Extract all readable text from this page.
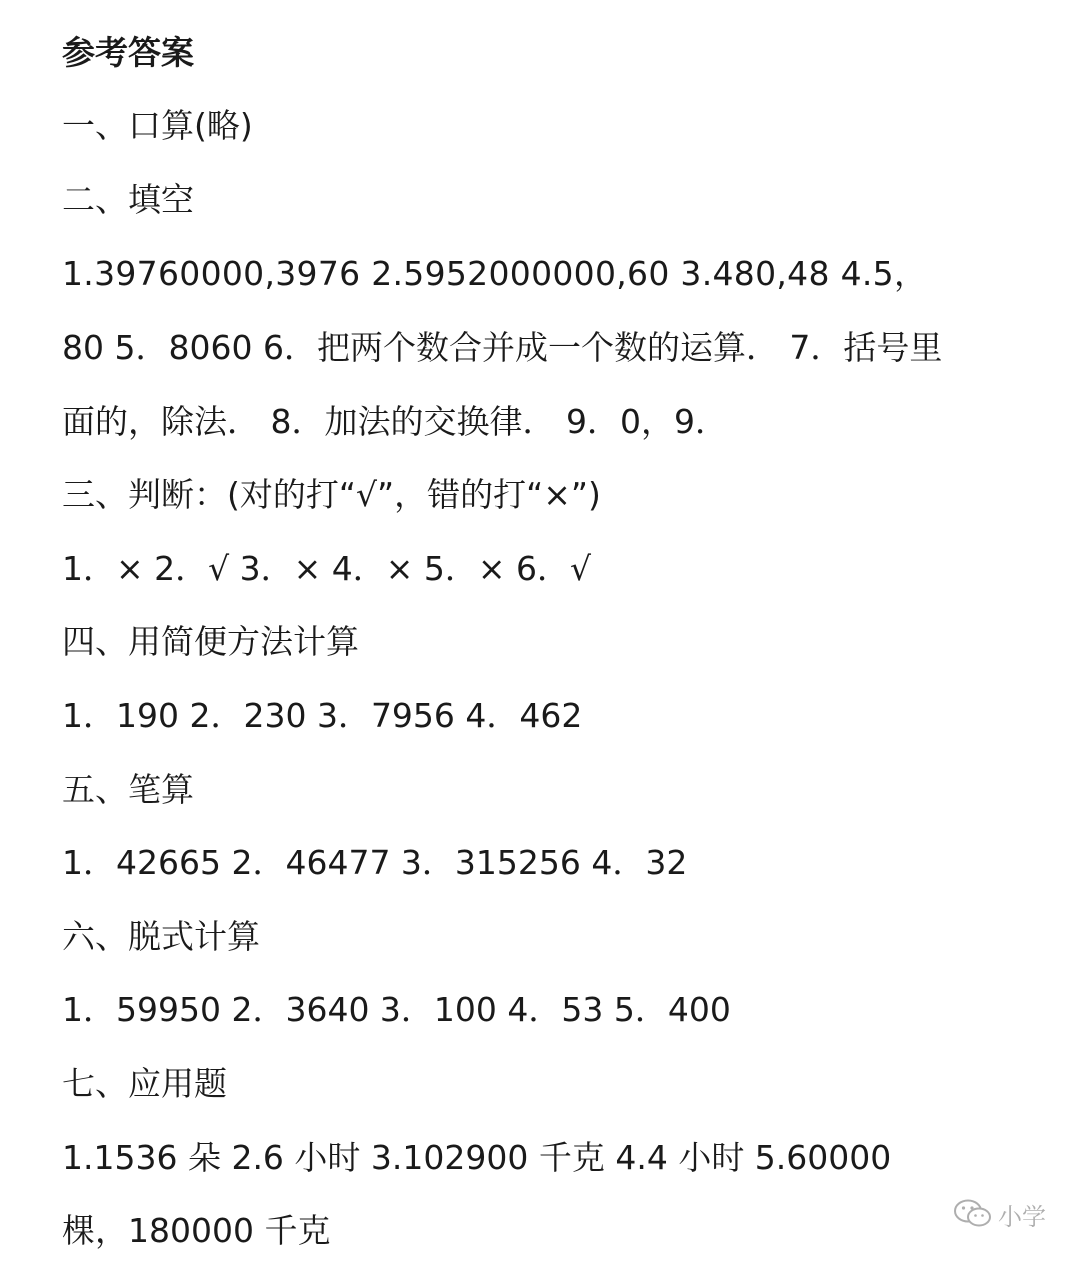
参考答案
一、口算(略)
二、填空
1.39760000,3976 2.5952000000,60 3.480,48 4.5，
80 5．8060 6．把两个数合并成一个数的运算． 7．括号里
面的，除法． 8．加法的交换律． 9．0，9．
三、判断：(对的打“√”，错的打“×”)
1．× 2．√ 3．× 4．× 5．× 6．√
四、用简便方法计算
1．190 2．230 3．7956 4．462
五、笔算
1．42665 2．46477 3．315256 4．32
六、脱式计算
1．59950 2．3640 3．100 4．53 5．400
七、应用题
1.1536 朵 2.6 小时 3.102900 千克 4.4 小时 5.60000
棵，180000 千克	小学
